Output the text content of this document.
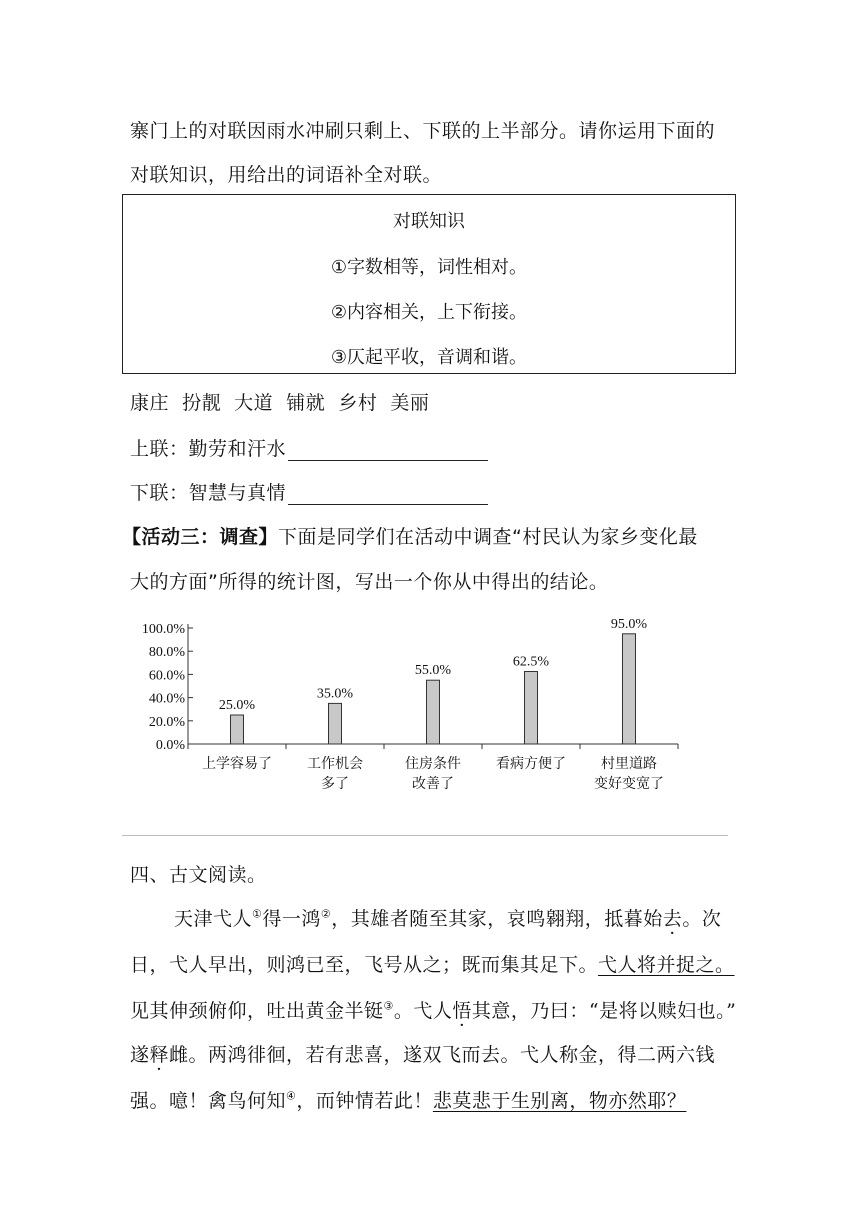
寨门上的对联因雨水冲刷只剩上、下联的上半部分。请你运用下面的
对联知识，用给出的词语补全对联。
对联知识
①字数相等，词性相对。
②内容相关，上下衔接。
③仄起平收，音调和谐。
康庄  扮靓  大道  铺就  乡村  美丽
上联：勤劳和汗水
下联：智慧与真情
【活动三：调查】下面是同学们在活动中调查“村民认为家乡变化最
大的方面”所得的统计图，写出一个你从中得出的结论。
0.0%
20.0%
40.0%
60.0%
80.0%
100.0%
25.0%
上学容易了
35.0%
工作机会
多了
55.0%
住房条件
改善了
62.5%
看病方便了
95.0%
村里道路
变好变宽了
四、古文阅读。
天津弋人①得一鸿②，其雄者随至其家，哀鸣翱翔，抵暮始去。次
日，弋人早出，则鸿已至，飞号从之；既而集其足下。弋人将并捉之。
见其伸颈俯仰，吐出黄金半铤③。弋人悟其意，乃曰：“是将以赎妇也。”
遂释雌。两鸿徘徊，若有悲喜，遂双飞而去。弋人称金，得二两六钱
强。噫！禽鸟何知④，而钟情若此！悲莫悲于生别离，物亦然耶？
